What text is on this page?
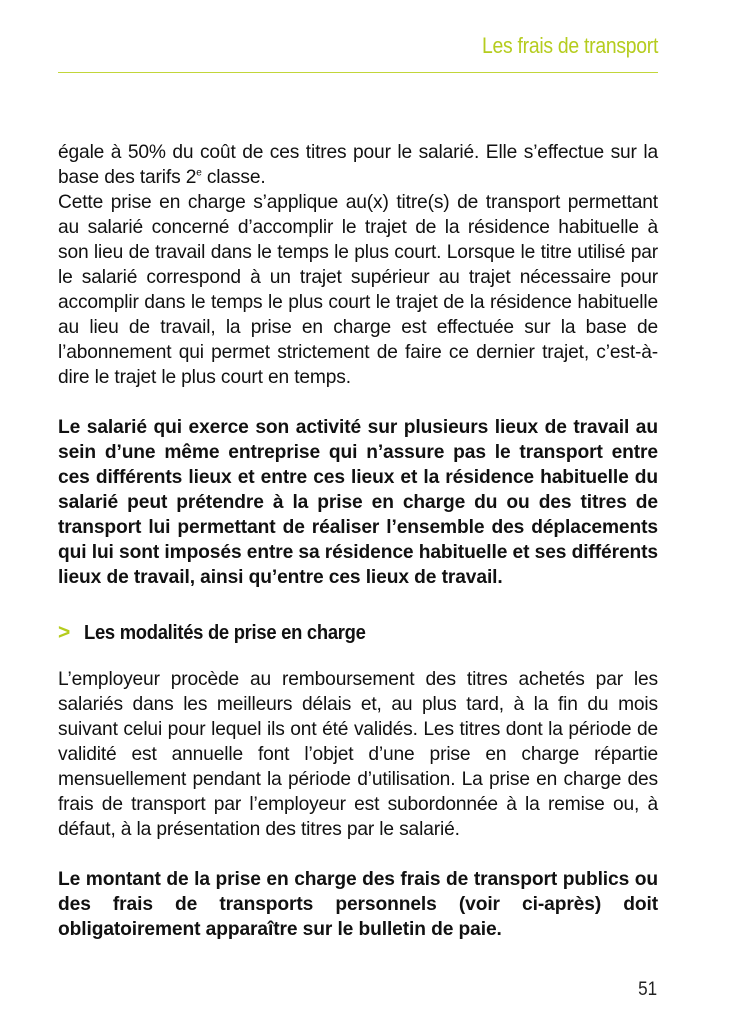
Les frais de transport

égale à 50% du coût de ces titres pour le salarié. Elle s’effectue sur la base des tarifs 2e classe.

Cette prise en charge s’applique au(x) titre(s) de transport permettant au salarié concerné d’accomplir le trajet de la résidence habituelle à son lieu de travail dans le temps le plus court. Lorsque le titre utilisé par le salarié correspond à un trajet supérieur au trajet nécessaire pour accomplir dans le temps le plus court le trajet de la résidence habituelle au lieu de travail, la prise en charge est effectuée sur la base de l’abonnement qui permet strictement de faire ce dernier trajet, c’est-à-dire le trajet le plus court en temps.

Le salarié qui exerce son activité sur plusieurs lieux de travail au sein d’une même entreprise qui n’assure pas le transport entre ces différents lieux et entre ces lieux et la résidence habituelle du salarié peut prétendre à la prise en charge du ou des titres de transport lui permettant de réaliser l’ensemble des déplacements qui lui sont imposés entre sa résidence habituelle et ses différents lieux de travail, ainsi qu’entre ces lieux de travail.

> Les modalités de prise en charge

L’employeur procède au remboursement des titres achetés par les salariés dans les meilleurs délais et, au plus tard, à la fin du mois suivant celui pour lequel ils ont été validés. Les titres dont la période de validité est annuelle font l’objet d’une prise en charge répartie mensuellement pendant la période d’utilisation. La prise en charge des frais de transport par l’employeur est subordonnée à la remise ou, à défaut, à la présentation des titres par le salarié.

Le montant de la prise en charge des frais de transport publics ou des frais de transports personnels (voir ci-après) doit obligatoirement apparaître sur le bulletin de paie.

51
